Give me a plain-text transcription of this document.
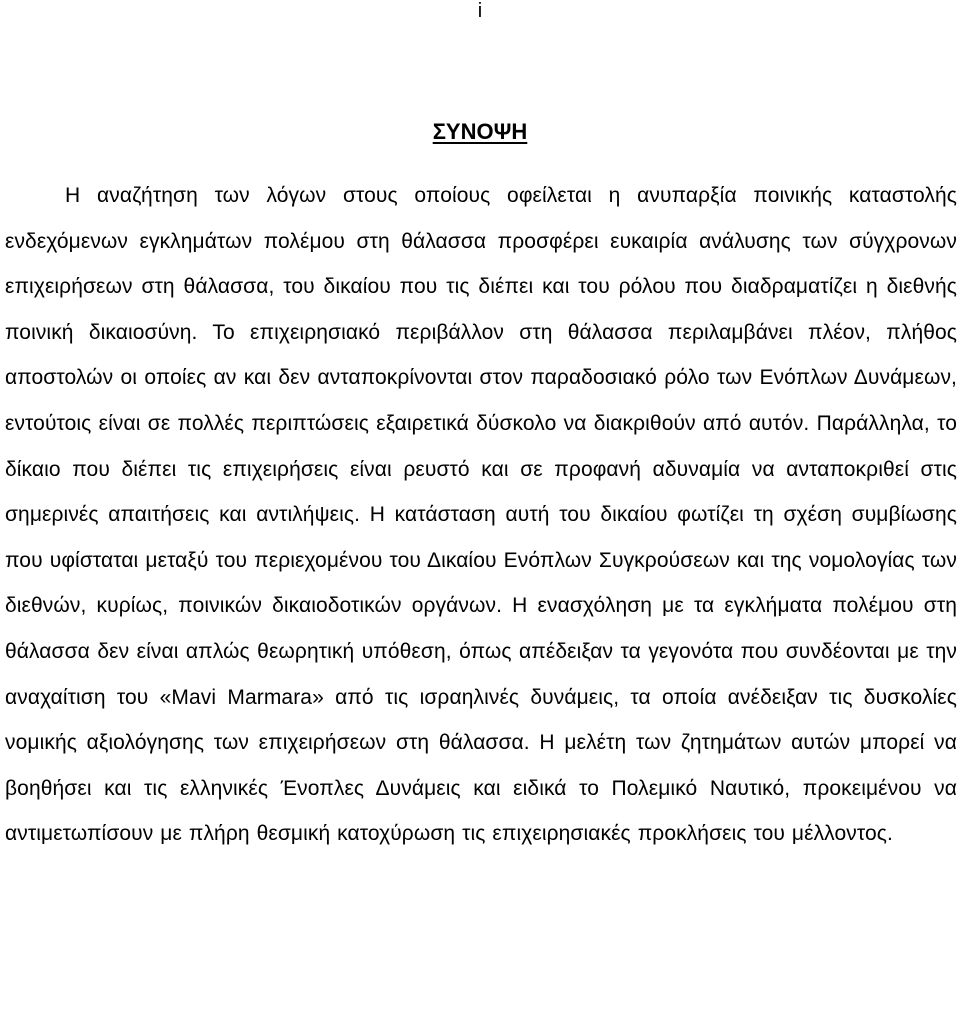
i

ΣΥΝΟΨΗ

Η αναζήτηση των λόγων στους οποίους οφείλεται η ανυπαρξία ποινικής καταστολής ενδεχόμενων εγκλημάτων πολέμου στη θάλασσα προσφέρει ευκαιρία ανάλυσης των σύγχρονων επιχειρήσεων στη θάλασσα, του δικαίου που τις διέπει και του ρόλου που διαδραματίζει η διεθνής ποινική δικαιοσύνη. Το επιχειρησιακό περιβάλλον στη θάλασσα περιλαμβάνει πλέον, πλήθος αποστολών οι οποίες αν και δεν ανταποκρίνονται στον παραδοσιακό ρόλο των Ενόπλων Δυνάμεων, εντούτοις είναι σε πολλές περιπτώσεις εξαιρετικά δύσκολο να διακριθούν από αυτόν. Παράλληλα, το δίκαιο που διέπει τις επιχειρήσεις είναι ρευστό και σε προφανή αδυναμία να ανταποκριθεί στις σημερινές απαιτήσεις και αντιλήψεις. Η κατάσταση αυτή του δικαίου φωτίζει τη σχέση συμβίωσης που υφίσταται μεταξύ του περιεχομένου του Δικαίου Ενόπλων Συγκρούσεων και της νομολογίας των διεθνών, κυρίως, ποινικών δικαιοδοτικών οργάνων. Η ενασχόληση με τα εγκλήματα πολέμου στη θάλασσα δεν είναι απλώς θεωρητική υπόθεση, όπως απέδειξαν τα γεγονότα που συνδέονται με την αναχαίτιση του «Mavi Marmara» από τις ισραηλινές δυνάμεις, τα οποία ανέδειξαν τις δυσκολίες νομικής αξιολόγησης των επιχειρήσεων στη θάλασσα. Η μελέτη των ζητημάτων αυτών μπορεί να βοηθήσει και τις ελληνικές Ένοπλες Δυνάμεις και ειδικά το Πολεμικό Ναυτικό, προκειμένου να αντιμετωπίσουν με πλήρη θεσμική κατοχύρωση τις επιχειρησιακές προκλήσεις του μέλλοντος.
